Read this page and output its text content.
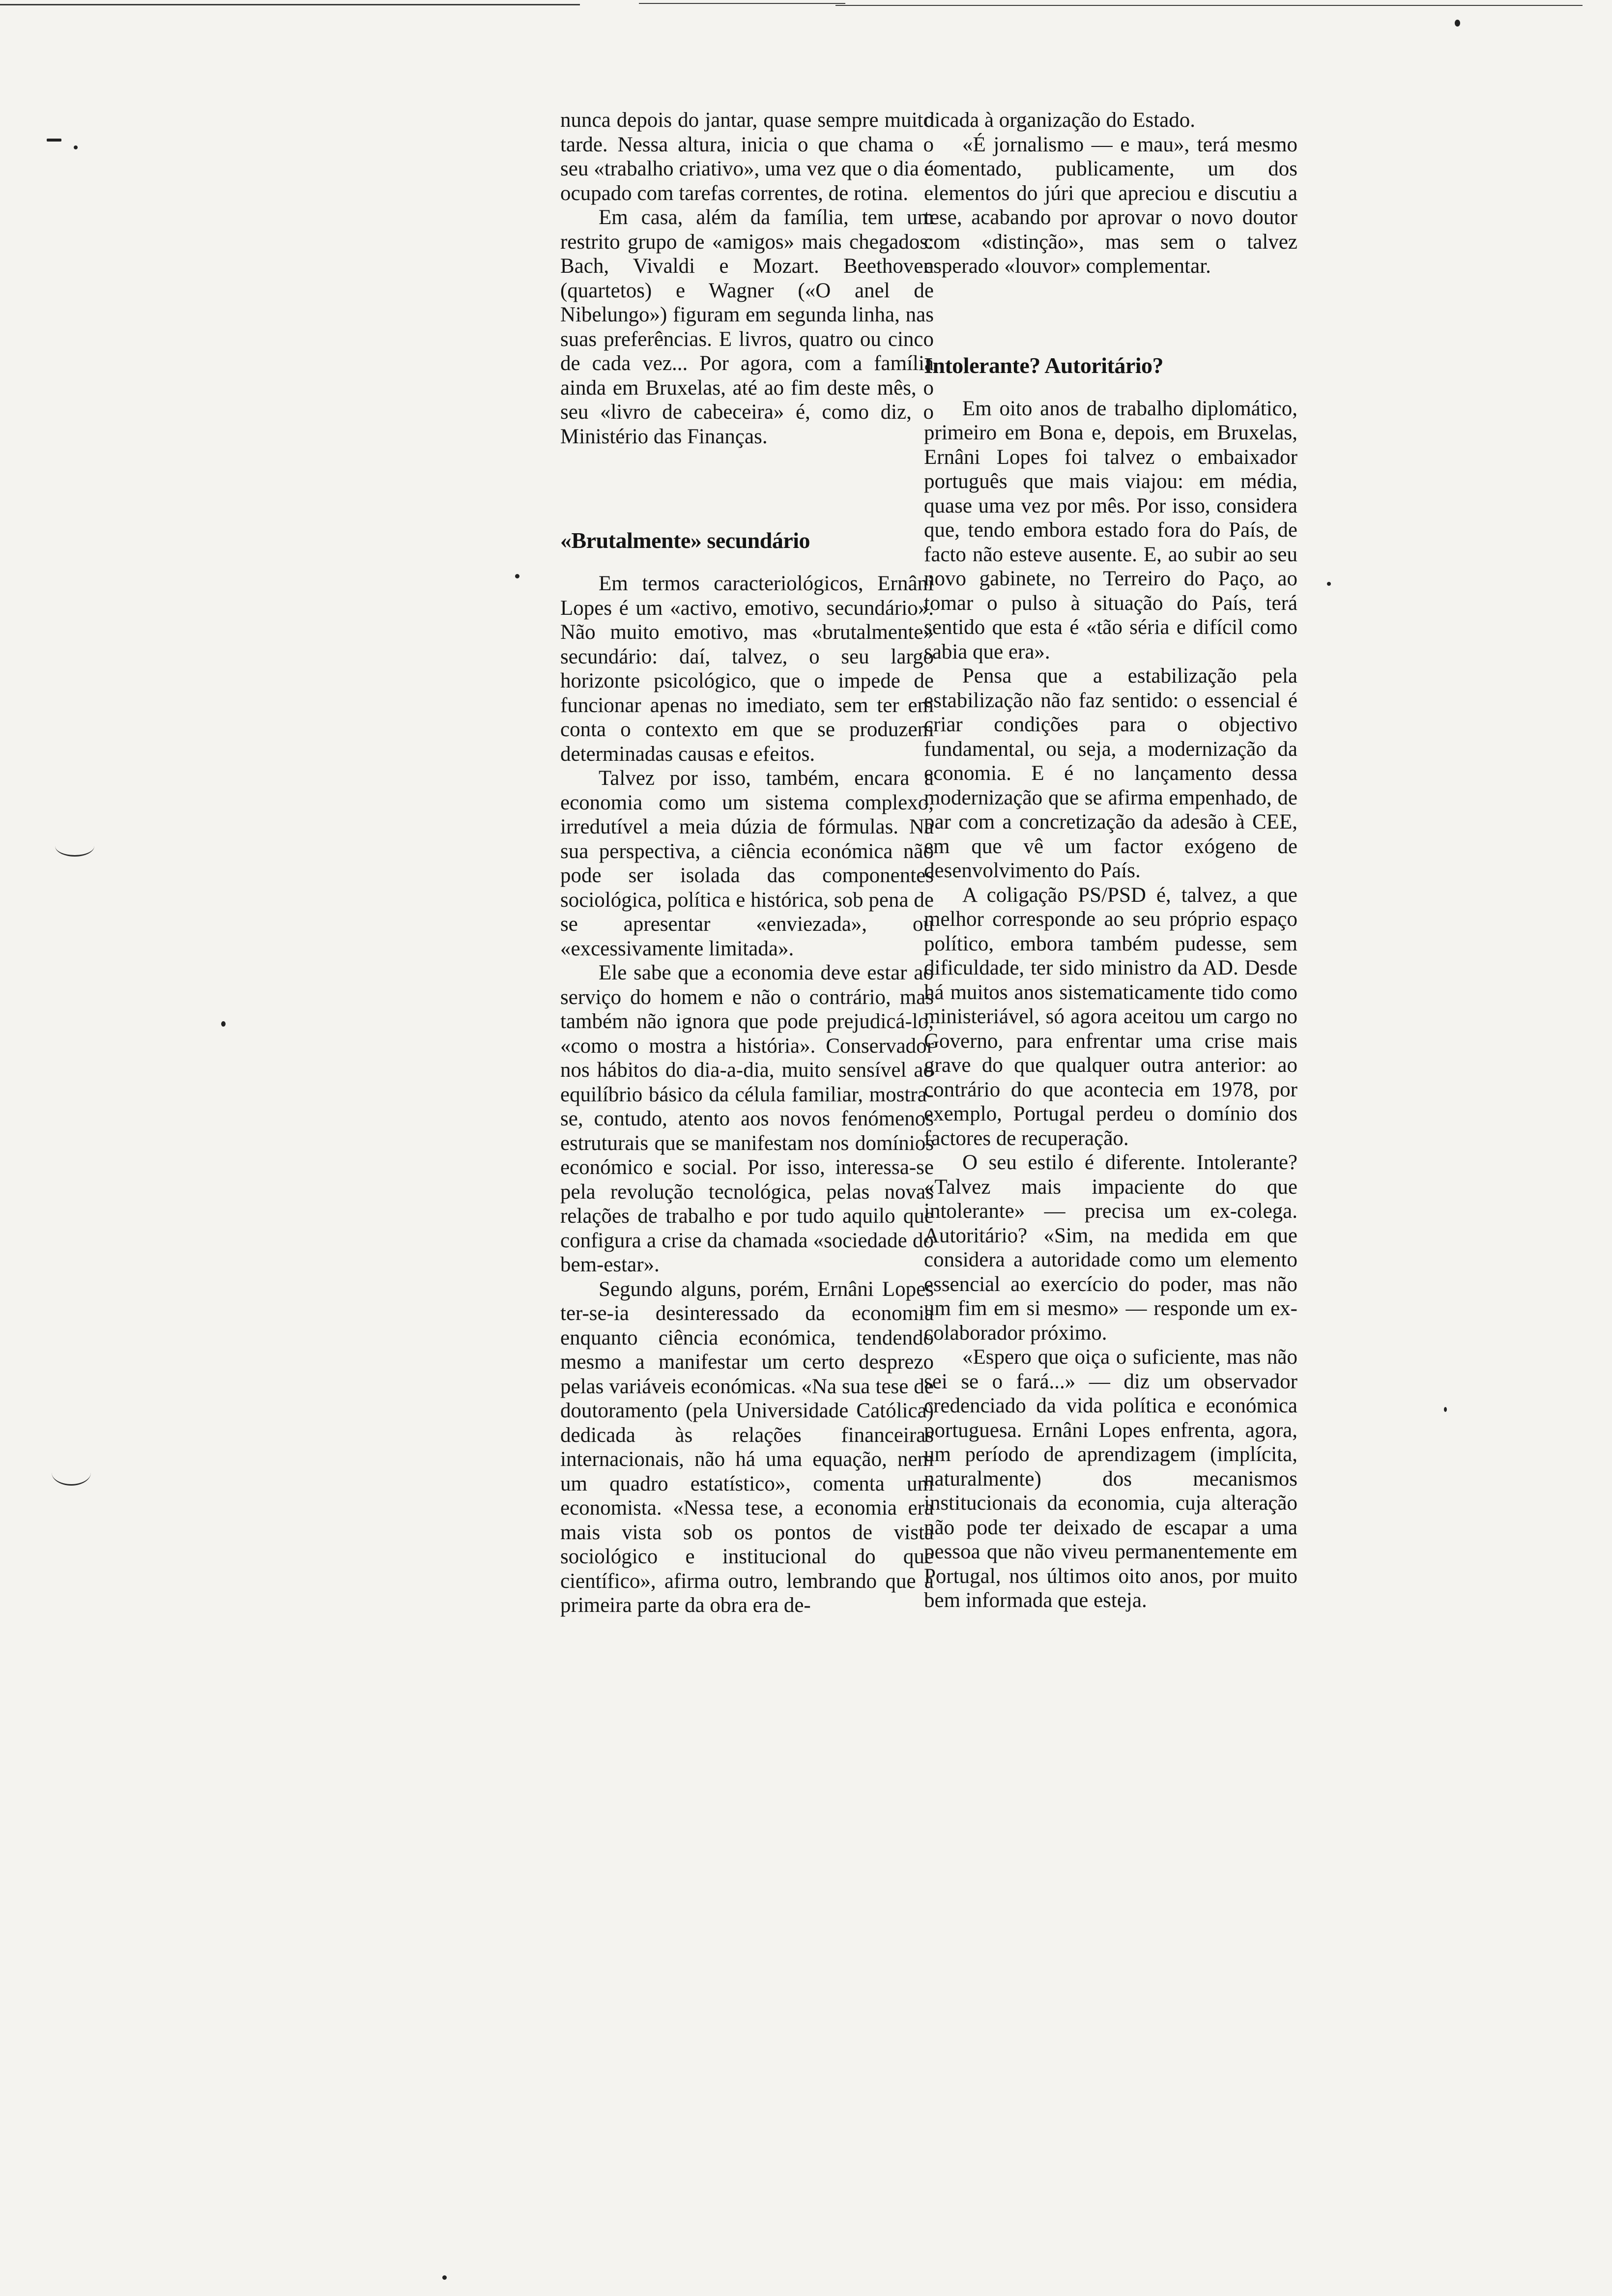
nunca depois do jantar, quase sempre muito tarde. Nessa altura, inicia o que chama o seu «trabalho criativo», uma vez que o dia é ocupado com tarefas correntes, de rotina.

Em casa, além da família, tem um restrito grupo de «amigos» mais chegados: Bach, Vivaldi e Mozart. Beethoven (quartetos) e Wagner («O anel de Nibelungo») figuram em segunda linha, nas suas preferências. E livros, quatro ou cinco de cada vez... Por agora, com a família ainda em Bruxelas, até ao fim deste mês, o seu «livro de cabeceira» é, como diz, o Ministério das Finanças.

«Brutalmente» secundário

Em termos caracteriológicos, Ernâni Lopes é um «activo, emotivo, secundário». Não muito emotivo, mas «brutalmente» secundário: daí, talvez, o seu largo horizonte psicológico, que o impede de funcionar apenas no imediato, sem ter em conta o contexto em que se produzem determinadas causas e efeitos.

Talvez por isso, também, encara a economia como um sistema complexo, irredutível a meia dúzia de fórmulas. Na sua perspectiva, a ciência económica não pode ser isolada das componentes sociológica, política e histórica, sob pena de se apresentar «enviezada», ou «excessivamente limitada».

Ele sabe que a economia deve estar ao serviço do homem e não o contrário, mas também não ignora que pode prejudicá-lo, «como o mostra a história». Conservador nos hábitos do dia-a-dia, muito sensível ao equilíbrio básico da célula familiar, mostra-se, contudo, atento aos novos fenómenos estruturais que se manifestam nos domínios económico e social. Por isso, interessa-se pela revolução tecnológica, pelas novas relações de trabalho e por tudo aquilo que configura a crise da chamada «sociedade do bem-estar».

Segundo alguns, porém, Ernâni Lopes ter-se-ia desinteressado da economia enquanto ciência económica, tendendo mesmo a manifestar um certo desprezo pelas variáveis económicas. «Na sua tese de doutoramento (pela Universidade Católica) dedicada às relações financeiras internacionais, não há uma equação, nem um quadro estatístico», comenta um economista. «Nessa tese, a economia era mais vista sob os pontos de vista sociológico e institucional do que científico», afirma outro, lembrando que a primeira parte da obra era de-

dicada à organização do Estado.

«É jornalismo — e mau», terá mesmo comentado, publicamente, um dos elementos do júri que apreciou e discutiu a tese, acabando por aprovar o novo doutor com «distinção», mas sem o talvez esperado «louvor» complementar.

Intolerante? Autoritário?

Em oito anos de trabalho diplomático, primeiro em Bona e, depois, em Bruxelas, Ernâni Lopes foi talvez o embaixador português que mais viajou: em média, quase uma vez por mês. Por isso, considera que, tendo embora estado fora do País, de facto não esteve ausente. E, ao subir ao seu novo gabinete, no Terreiro do Paço, ao tomar o pulso à situação do País, terá sentido que esta é «tão séria e difícil como sabia que era».

Pensa que a estabilização pela estabilização não faz sentido: o essencial é criar condições para o objectivo fundamental, ou seja, a modernização da economia. E é no lançamento dessa modernização que se afirma empenhado, de par com a concretização da adesão à CEE, em que vê um factor exógeno de desenvolvimento do País.

A coligação PS/PSD é, talvez, a que melhor corresponde ao seu próprio espaço político, embora também pudesse, sem dificuldade, ter sido ministro da AD. Desde há muitos anos sistematicamente tido como ministeriável, só agora aceitou um cargo no Governo, para enfrentar uma crise mais grave do que qualquer outra anterior: ao contrário do que acontecia em 1978, por exemplo, Portugal perdeu o domínio dos factores de recuperação.

O seu estilo é diferente. Intolerante? «Talvez mais impaciente do que intolerante» — precisa um ex-colega. Autoritário? «Sim, na medida em que considera a autoridade como um elemento essencial ao exercício do poder, mas não um fim em si mesmo» — responde um ex-colaborador próximo.

«Espero que oiça o suficiente, mas não sei se o fará...» — diz um observador credenciado da vida política e económica portuguesa. Ernâni Lopes enfrenta, agora, um período de aprendizagem (implícita, naturalmente) dos mecanismos institucionais da economia, cuja alteração não pode ter deixado de escapar a uma pessoa que não viveu permanentemente em Portugal, nos últimos oito anos, por muito bem informada que esteja.
